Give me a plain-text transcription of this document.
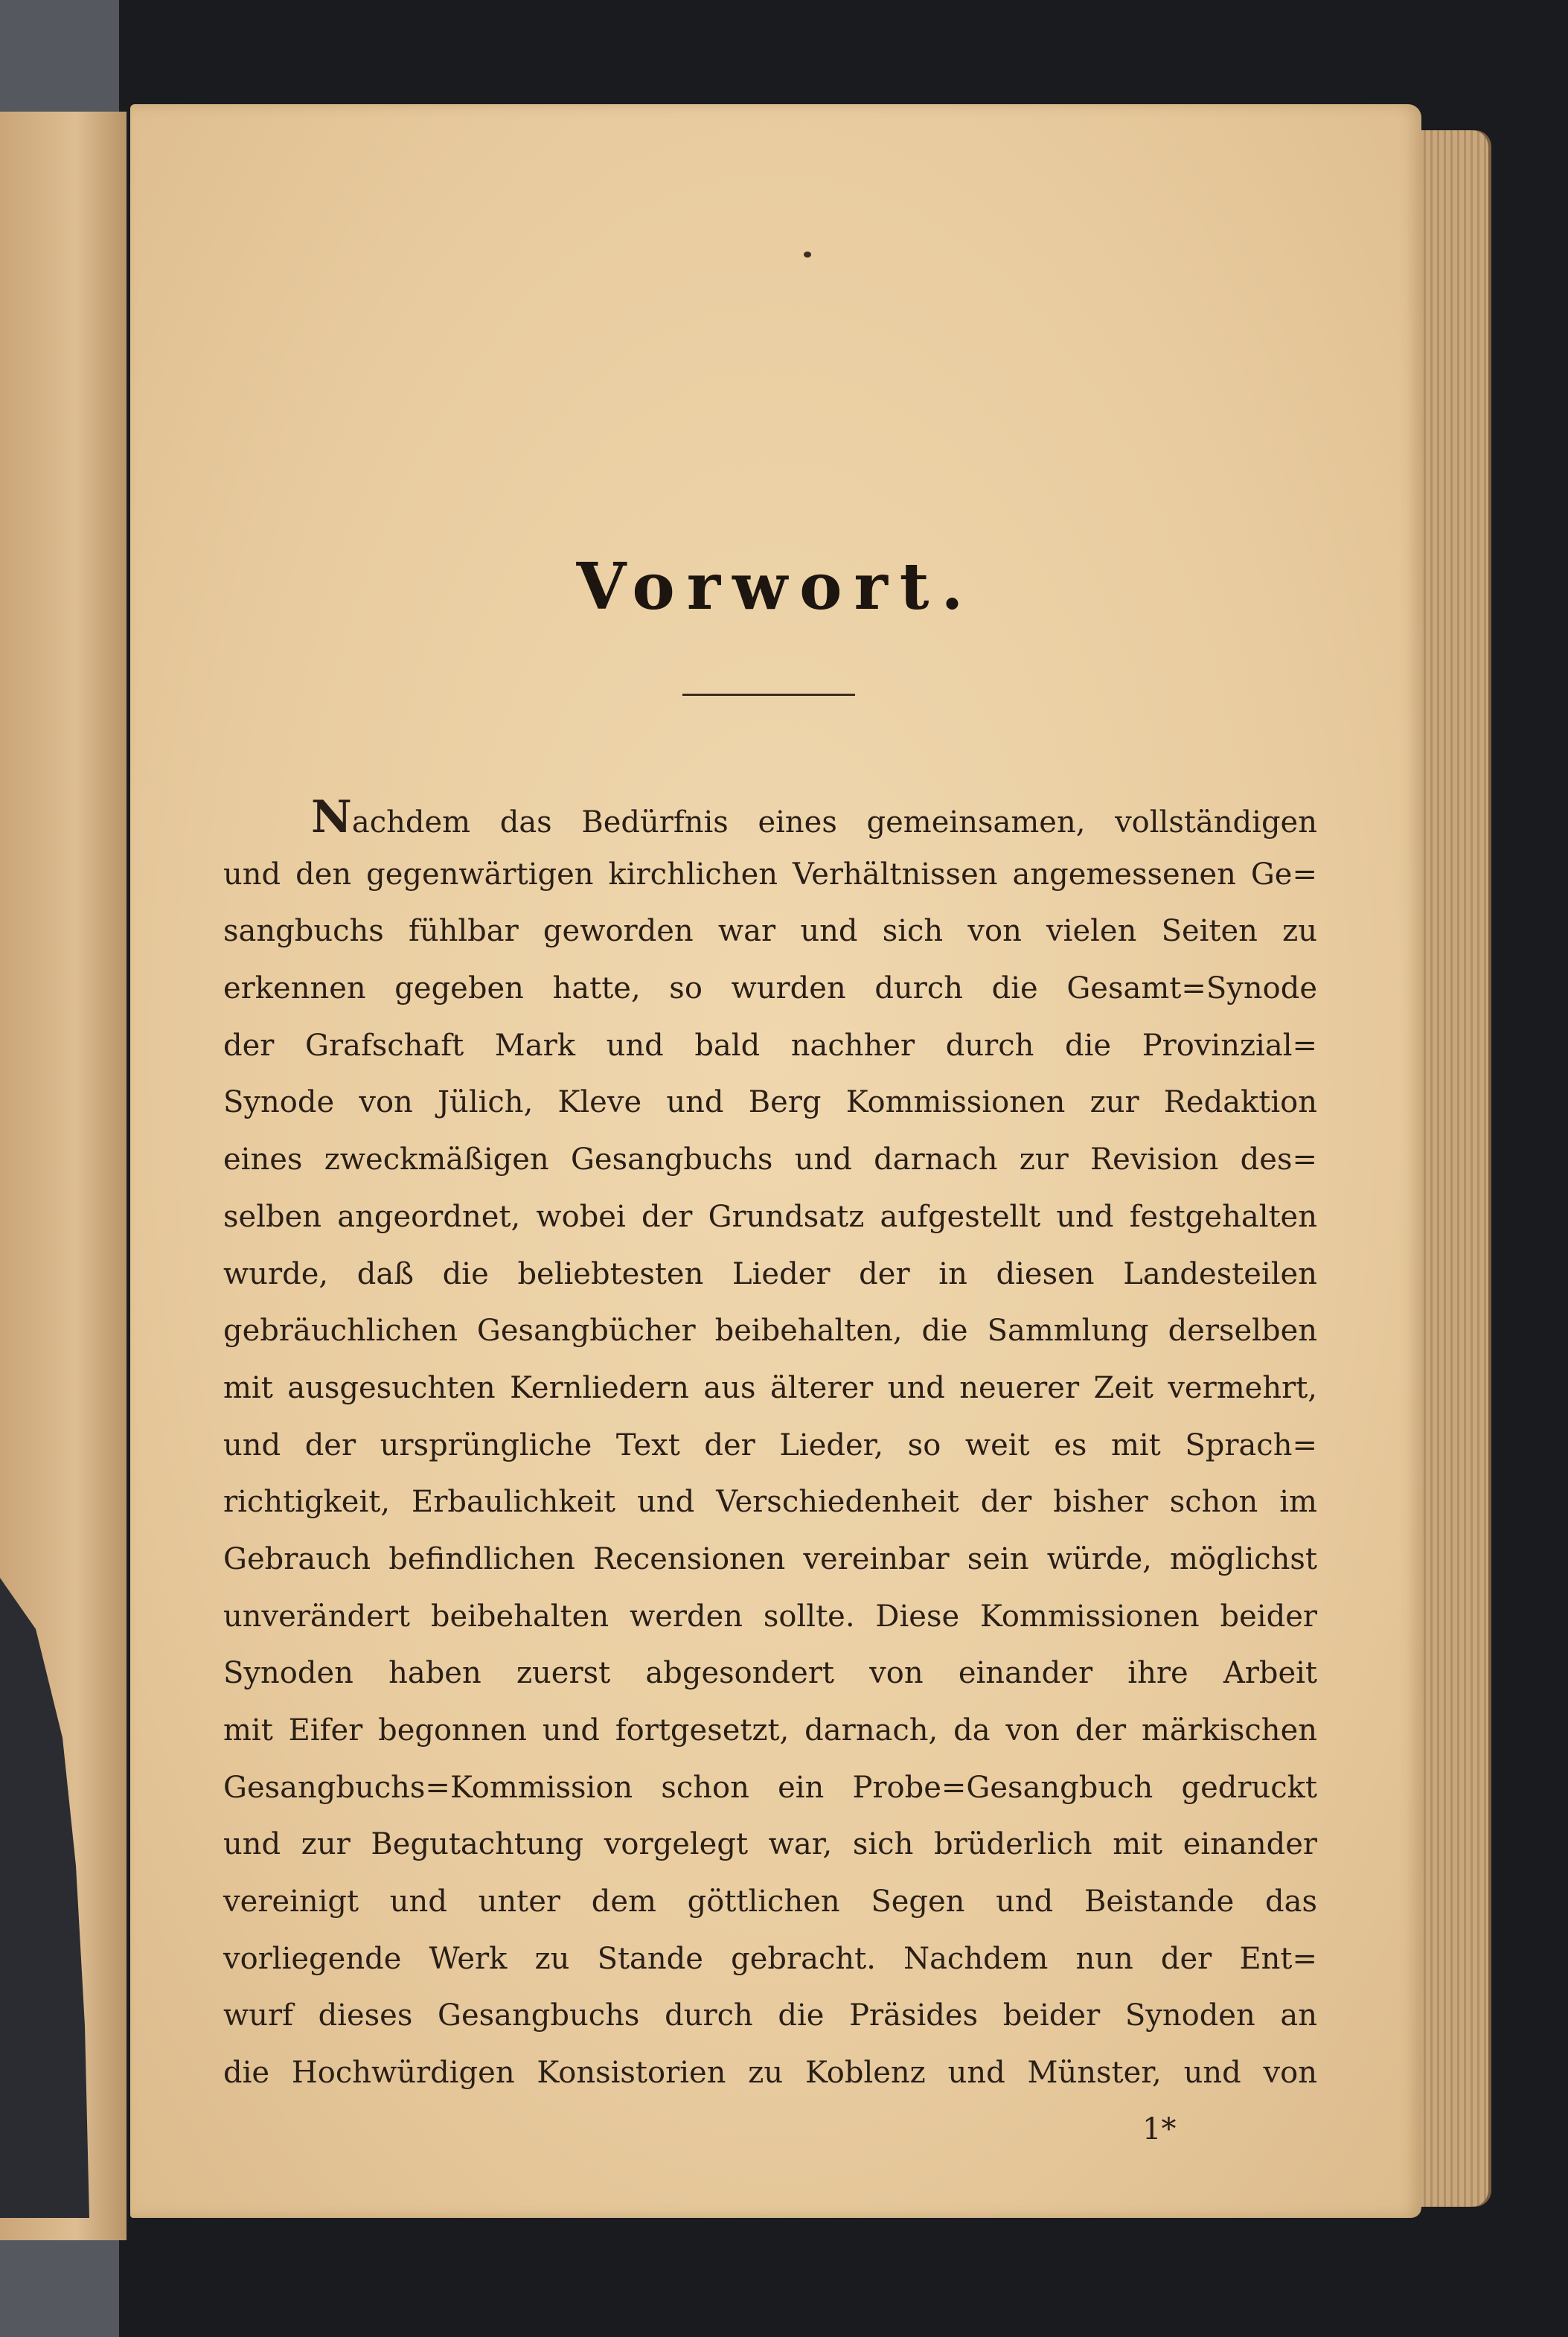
Vorwort.
Nachdem das Bedürfnis eines gemeinsamen, vollständigen
und den gegenwärtigen kirchlichen Verhältnissen angemessenen Ge=
sangbuchs fühlbar geworden war und sich von vielen Seiten zu
erkennen gegeben hatte, so wurden durch die Gesamt=Synode
der Grafschaft Mark und bald nachher durch die Provinzial=
Synode von Jülich, Kleve und Berg Kommissionen zur Redaktion
eines zweckmäßigen Gesangbuchs und darnach zur Revision des=
selben angeordnet, wobei der Grundsatz aufgestellt und festgehalten
wurde, daß die beliebtesten Lieder der in diesen Landesteilen
gebräuchlichen Gesangbücher beibehalten, die Sammlung derselben
mit ausgesuchten Kernliedern aus älterer und neuerer Zeit vermehrt,
und der ursprüngliche Text der Lieder, so weit es mit Sprach=
richtigkeit, Erbaulichkeit und Verschiedenheit der bisher schon im
Gebrauch befindlichen Recensionen vereinbar sein würde, möglichst
unverändert beibehalten werden sollte. Diese Kommissionen beider
Synoden haben zuerst abgesondert von einander ihre Arbeit
mit Eifer begonnen und fortgesetzt, darnach, da von der märkischen
Gesangbuchs=Kommission schon ein Probe=Gesangbuch gedruckt
und zur Begutachtung vorgelegt war, sich brüderlich mit einander
vereinigt und unter dem göttlichen Segen und Beistande das
vorliegende Werk zu Stande gebracht. Nachdem nun der Ent=
wurf dieses Gesangbuchs durch die Präsides beider Synoden an
die Hochwürdigen Konsistorien zu Koblenz und Münster, und von
1*
